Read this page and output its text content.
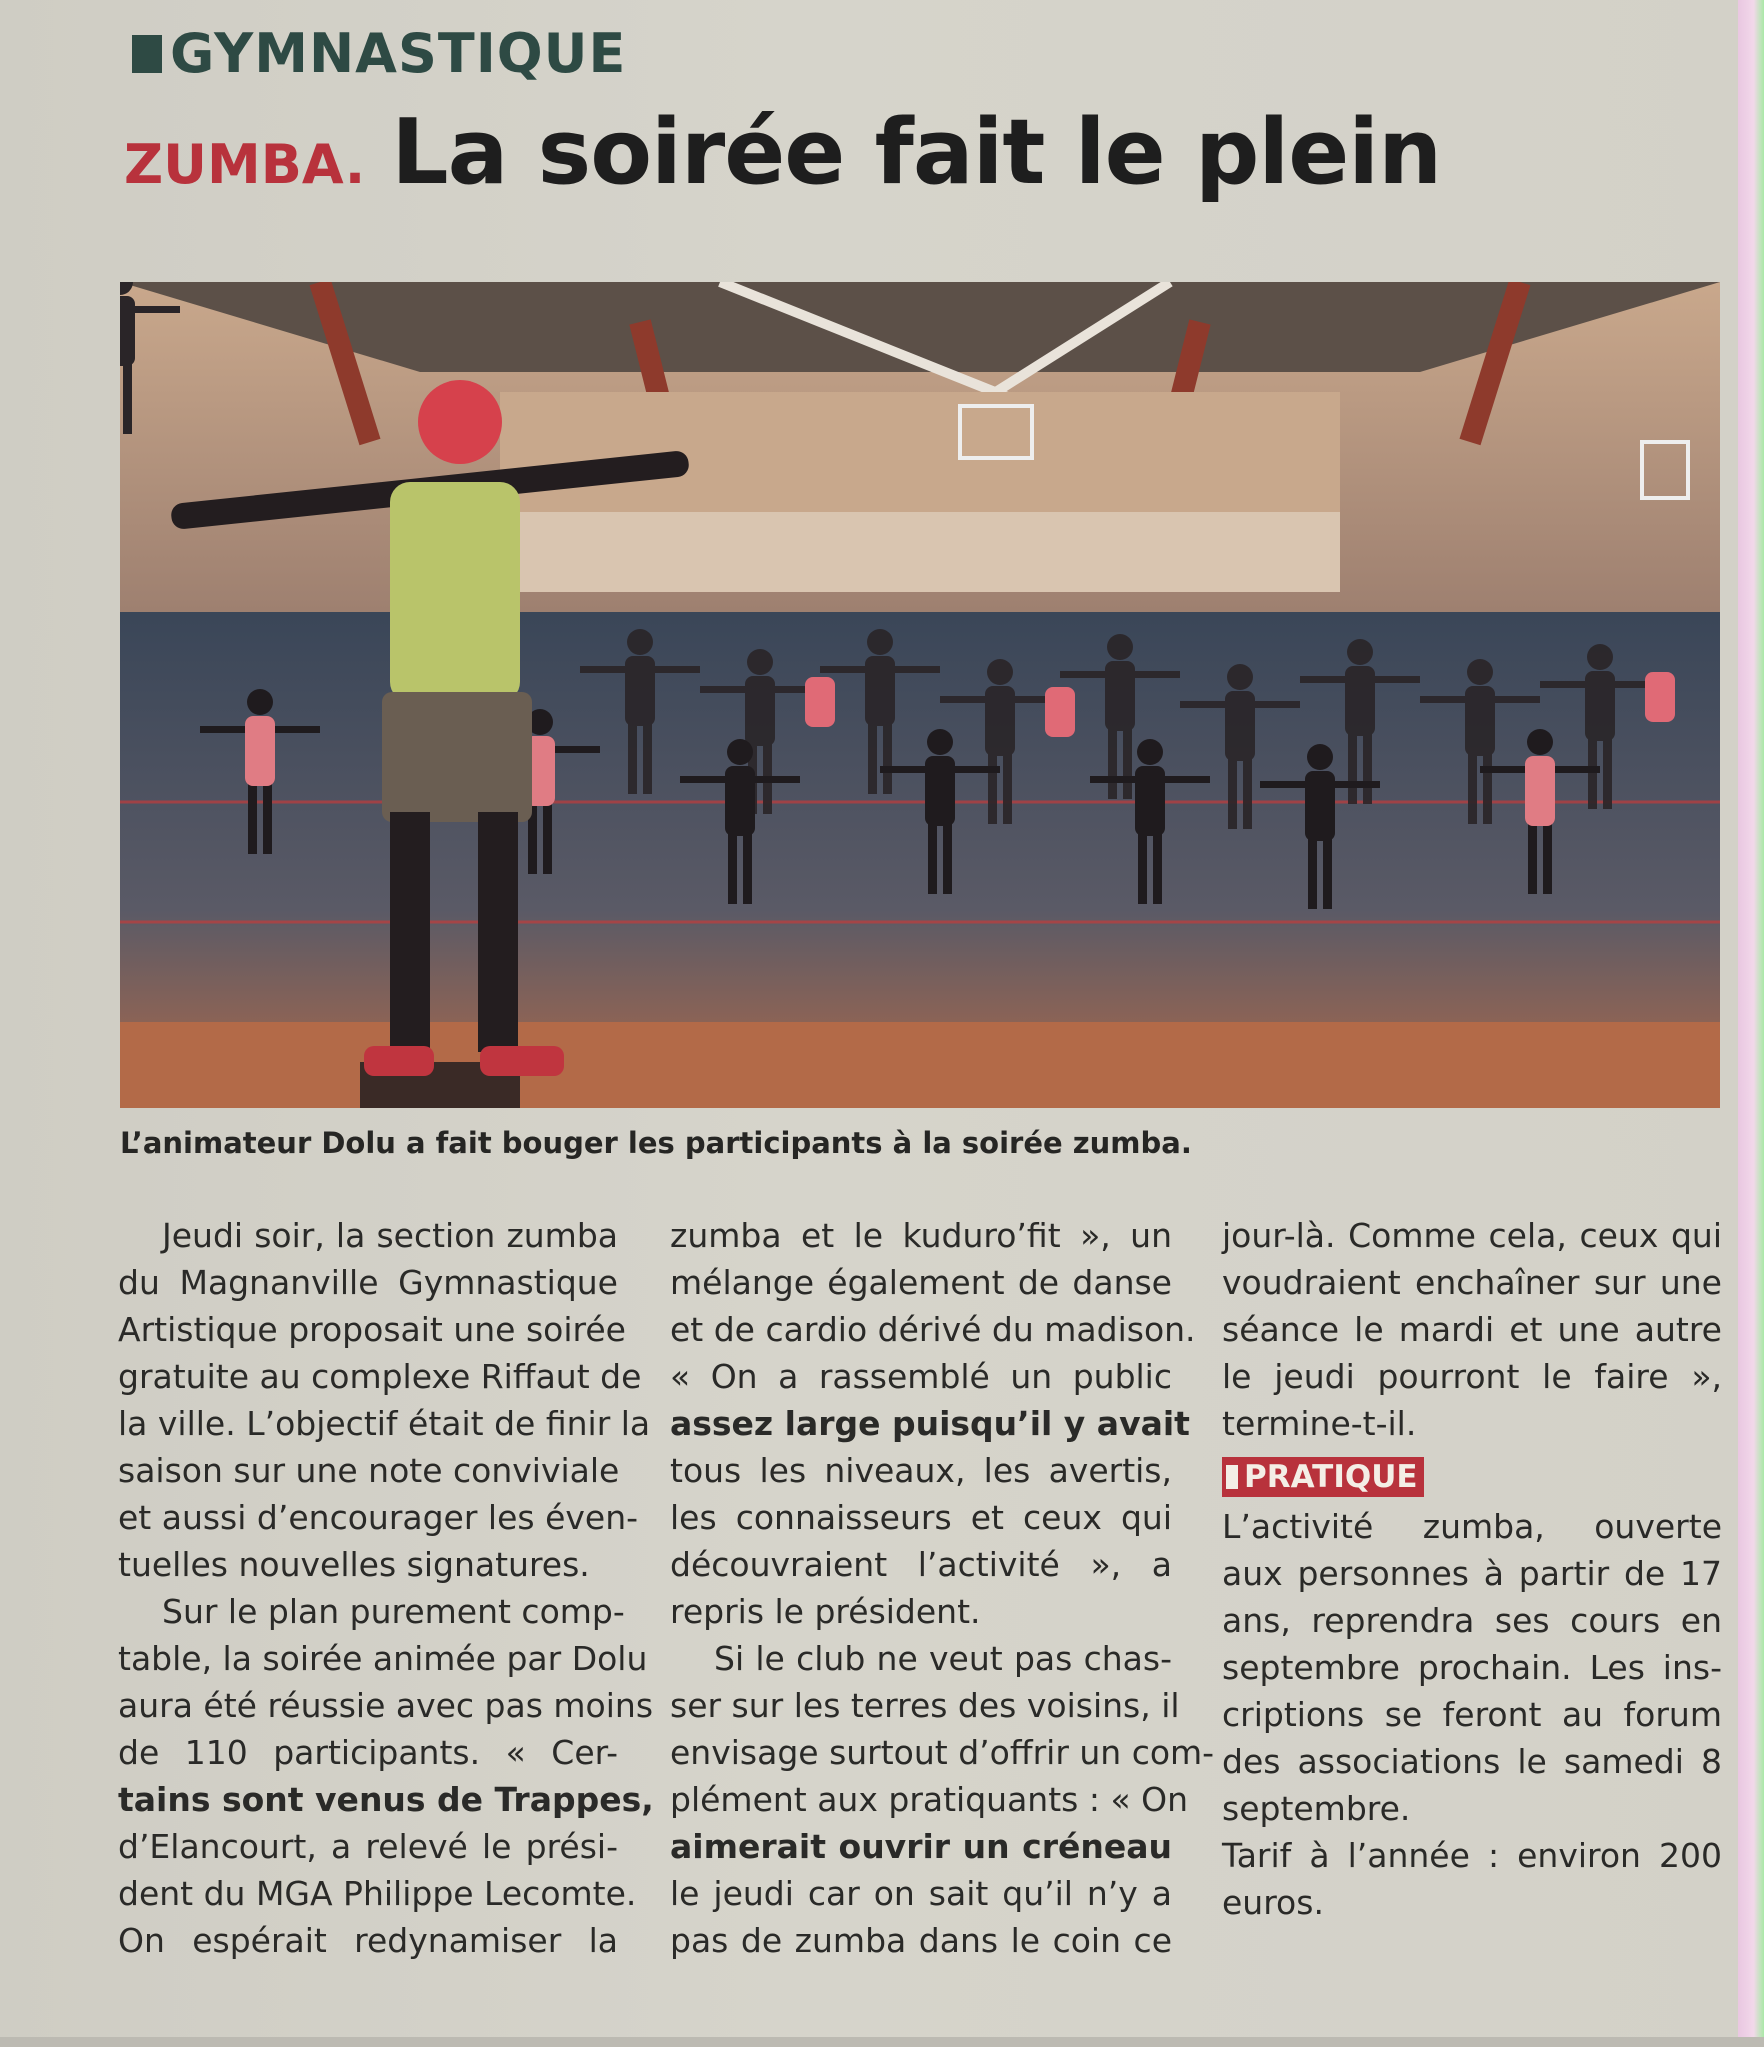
GYMNASTIQUE
ZUMBA. La soirée fait le plein
L’animateur Dolu a fait bouger les participants à la soirée zumba.
Jeudi soir, la section zumba
du Magnanville Gymnastique
Artistique proposait une soirée
gratuite au complexe Riffaut de
la ville. L’objectif était de finir la
saison sur une note conviviale
et aussi d’encourager les éven-
tuelles nouvelles signatures.
Sur le plan purement comp-
table, la soirée animée par Dolu
aura été réussie avec pas moins
de 110 participants. « Cer-
tains sont venus de Trappes,
d’Elancourt, a relevé le prési-
dent du MGA Philippe Lecomte.
On espérait redynamiser la
zumba et le kuduro’fit », un
mélange également de danse
et de cardio dérivé du madison.
« On a rassemblé un public
assez large puisqu’il y avait
tous les niveaux, les avertis,
les connaisseurs et ceux qui
découvraient l’activité », a
repris le président.
Si le club ne veut pas chas-
ser sur les terres des voisins, il
envisage surtout d’offrir un com-
plément aux pratiquants : « On
aimerait ouvrir un créneau
le jeudi car on sait qu’il n’y a
pas de zumba dans le coin ce
jour-là. Comme cela, ceux qui
voudraient enchaîner sur une
séance le mardi et une autre
le jeudi pourront le faire »,
termine-t-il.
PRATIQUE
L’activité zumba, ouverte
aux personnes à partir de 17
ans, reprendra ses cours en
septembre prochain. Les ins-
criptions se feront au forum
des associations le samedi 8
septembre.
Tarif à l’année : environ 200
euros.
